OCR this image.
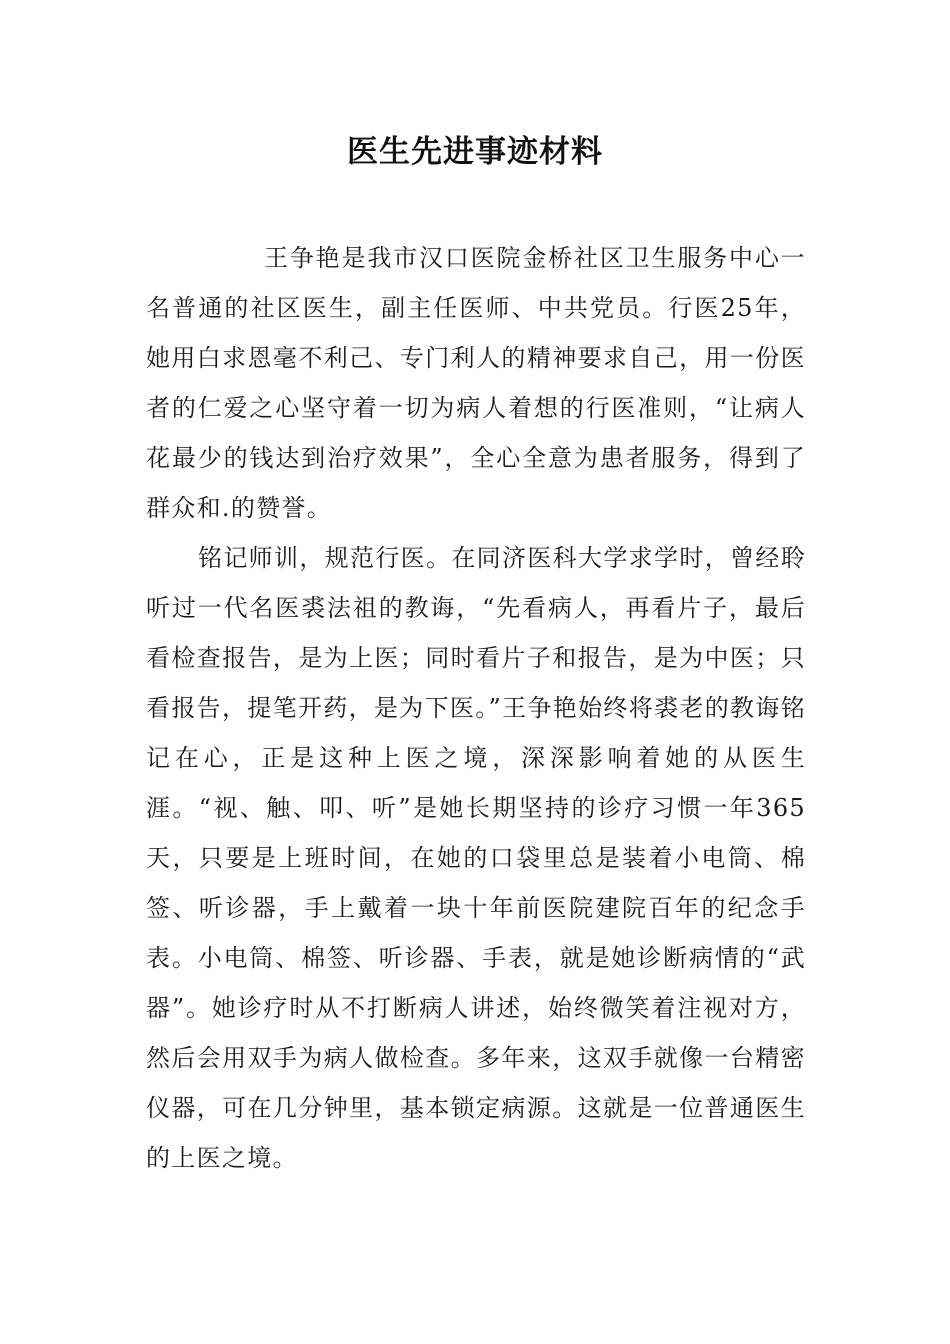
医生先进事迹材料

王争艳是我市汉口医院金桥社区卫生服务中心一名普通的社区医生，副主任医师、中共党员。行医25年，她用白求恩毫不利己、专门利人的精神要求自己，用一份医者的仁爱之心坚守着一切为病人着想的行医准则，“让病人花最少的钱达到治疗效果”，全心全意为患者服务，得到了群众和.的赞誉。

铭记师训，规范行医。在同济医科大学求学时，曾经聆听过一代名医裘法祖的教诲，“先看病人，再看片子，最后看检查报告，是为上医；同时看片子和报告，是为中医；只看报告，提笔开药，是为下医。”王争艳始终将裘老的教诲铭记在心，正是这种上医之境，深深影响着她的从医生涯。“视、触、叩、听”是她长期坚持的诊疗习惯一年365天，只要是上班时间，在她的口袋里总是装着小电筒、棉签、听诊器，手上戴着一块十年前医院建院百年的纪念手表。小电筒、棉签、听诊器、手表，就是她诊断病情的“武器”。她诊疗时从不打断病人讲述，始终微笑着注视对方，然后会用双手为病人做检查。多年来，这双手就像一台精密仪器，可在几分钟里，基本锁定病源。这就是一位普通医生的上医之境。
